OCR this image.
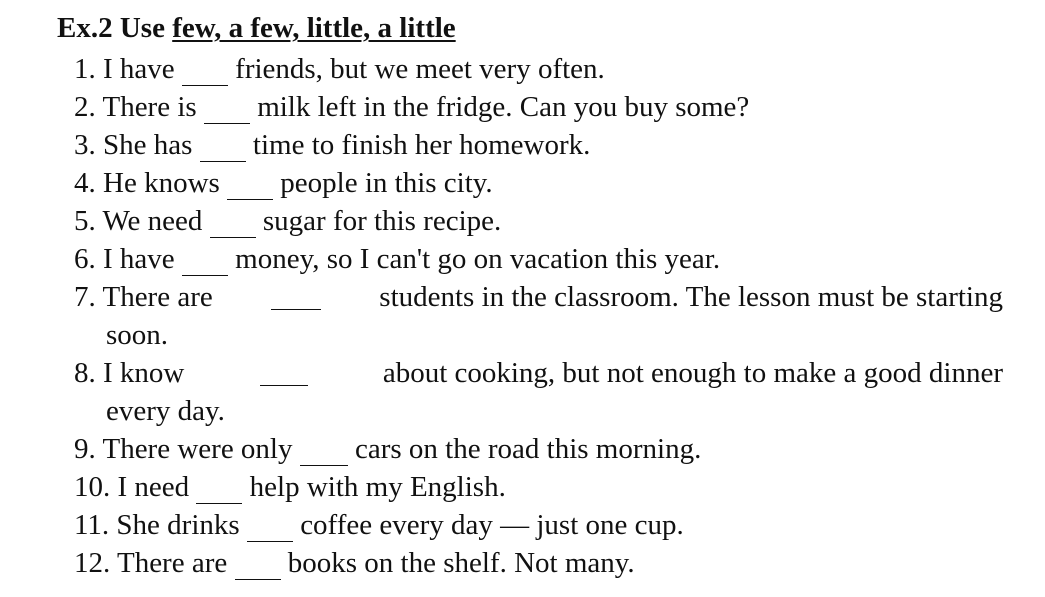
Ex.2 Use few, a few, little, a little
1. I have friends, but we meet very often.
2. There is milk left in the fridge. Can you buy some?
3. She has time to finish her homework.
4. He knows people in this city.
5. We need sugar for this recipe.
6. I have money, so I can't go on vacation this year.
7. There are	students in the classroom. The lesson must be starting
soon.
8. I know	about cooking, but not enough to make a good dinner
every day.
9. There were only cars on the road this morning.
10. I need help with my English.
11. She drinks coffee every day — just one cup.
12. There are books on the shelf. Not many.
